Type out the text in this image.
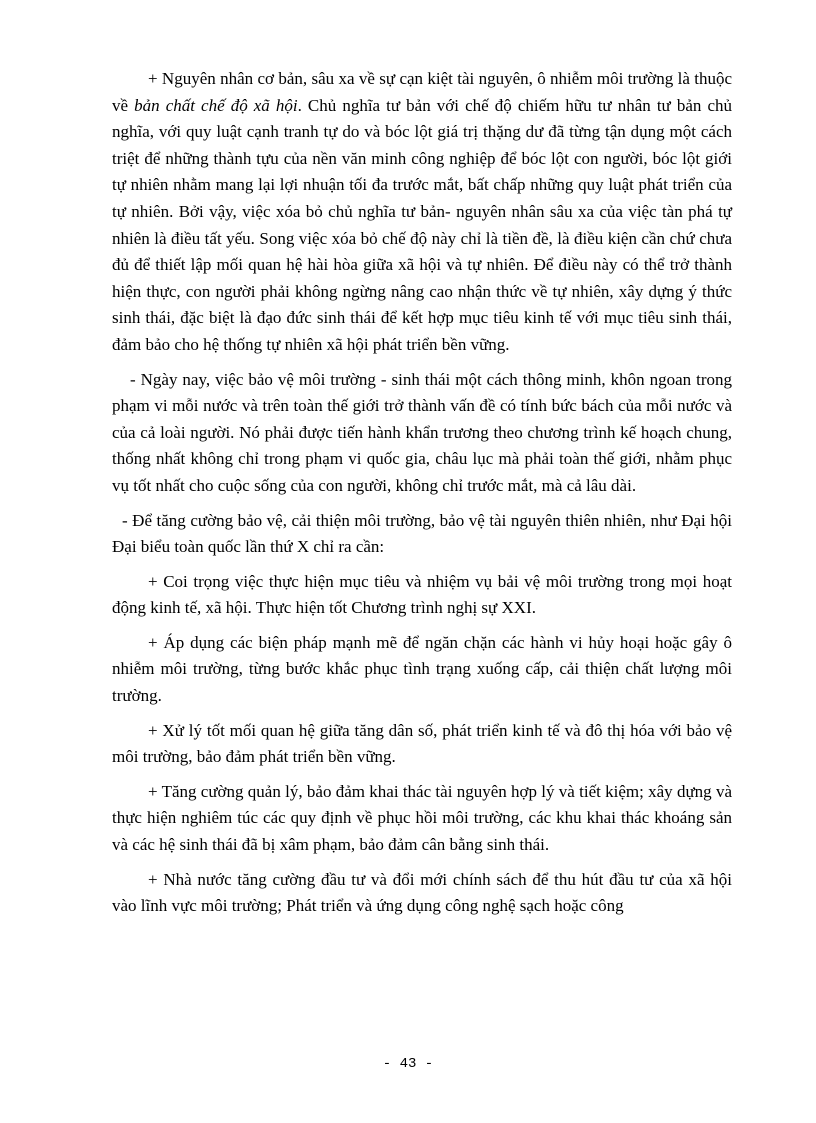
+ Nguyên nhân cơ bản, sâu xa về sự cạn kiệt tài nguyên, ô nhiễm môi trường là thuộc về bản chất chế độ xã hội. Chủ nghĩa tư bản với chế độ chiếm hữu tư nhân tư bản chủ nghĩa, với quy luật cạnh tranh tự do và bóc lột giá trị thặng dư đã từng tận dụng một cách triệt để những thành tựu của nền văn minh công nghiệp để bóc lột con người, bóc lột giới tự nhiên nhằm mang lại lợi nhuận tối đa trước mắt, bất chấp những quy luật phát triển của tự nhiên. Bởi vậy, việc xóa bỏ chủ nghĩa tư bản- nguyên nhân sâu xa của việc tàn phá tự nhiên là điều tất yếu. Song việc xóa bỏ chế độ này chỉ là tiền đề, là điều kiện cần chứ chưa đủ để thiết lập mối quan hệ hài hòa giữa xã hội và tự nhiên. Để điều này có thể trở thành hiện thực, con người phải không ngừng nâng cao nhận thức về tự nhiên, xây dựng ý thức sinh thái, đặc biệt là đạo đức sinh thái để kết hợp mục tiêu kinh tế với mục tiêu sinh thái, đảm bảo cho hệ thống tự nhiên xã hội phát triển bền vững.

- Ngày nay, việc bảo vệ môi trường - sinh thái một cách thông minh, khôn ngoan trong phạm vi mỗi nước và trên toàn thế giới trở thành vấn đề có tính bức bách của mỗi nước và của cả loài người. Nó phải được tiến hành khẩn trương theo chương trình kế hoạch chung, thống nhất không chỉ trong phạm vi quốc gia, châu lục mà phải toàn thế giới, nhằm phục vụ tốt nhất cho cuộc sống của con người, không chỉ trước mắt, mà cả lâu dài.

- Để tăng cường bảo vệ, cải thiện môi trường, bảo vệ tài nguyên thiên nhiên, như Đại hội Đại biểu toàn quốc lần thứ X chỉ ra cần:

+ Coi trọng việc thực hiện mục tiêu và nhiệm vụ bải vệ môi trường trong mọi hoạt động kinh tế, xã hội. Thực hiện tốt Chương trình nghị sự XXI.

+ Áp dụng các biện pháp mạnh mẽ để ngăn chặn các hành vi hủy hoại hoặc gây ô nhiễm môi trường, từng bước khắc phục tình trạng xuống cấp, cải thiện chất lượng môi trường.

+ Xử lý tốt mối quan hệ giữa tăng dân số, phát triển kinh tế và đô thị hóa với bảo vệ môi trường, bảo đảm phát triển bền vững.

+ Tăng cường quản lý, bảo đảm khai thác tài nguyên hợp lý và tiết kiệm; xây dựng và thực hiện nghiêm túc các quy định về phục hồi môi trường, các khu khai thác khoáng sản và các hệ sinh thái đã bị xâm phạm, bảo đảm cân bằng sinh thái.

+ Nhà nước tăng cường đầu tư và đổi mới chính sách để thu hút đầu tư của xã hội vào lĩnh vực môi trường; Phát triển và ứng dụng công nghệ sạch hoặc công

- 43 -
